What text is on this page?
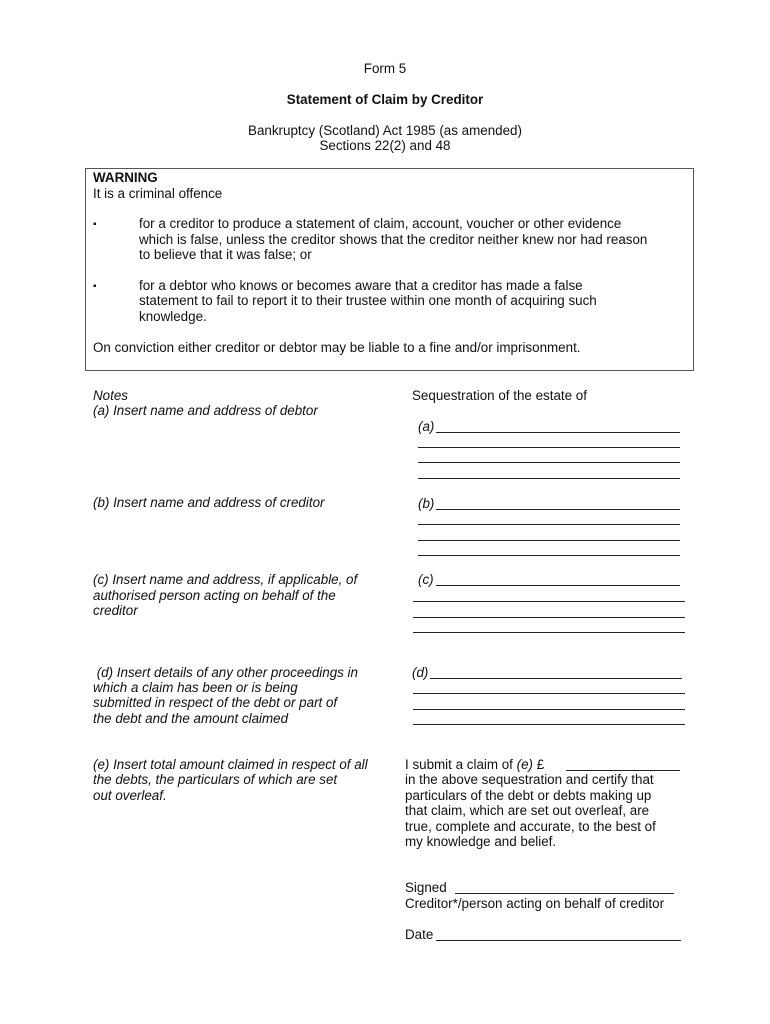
Form 5
Statement of Claim by Creditor
Bankruptcy (Scotland) Act 1985 (as amended)
Sections 22(2) and 48
WARNING
It is a criminal offence
▪	for a creditor to produce a statement of claim, account, voucher or other evidence
which is false, unless the creditor shows that the creditor neither knew nor had reason
to believe that it was false; or
▪	for a debtor who knows or becomes aware that a creditor has made a false
statement to fail to report it to their trustee within one month of acquiring such
knowledge.
On conviction either creditor or debtor may be liable to a fine and/or imprisonment.
Notes
(a) Insert name and address of debtor
(b) Insert name and address of creditor
(c) Insert name and address, if applicable, of
authorised person acting on behalf of the
creditor
(d) Insert details of any other proceedings in
which a claim has been or is being
submitted in respect of the debt or part of
the debt and the amount claimed
(e) Insert total amount claimed in respect of all
the debts, the particulars of which are set
out overleaf.
Sequestration of the estate of
(a)
(b)
(c)
(d)
I submit a claim of (e) £
in the above sequestration and certify that
particulars of the debt or debts making up
that claim, which are set out overleaf, are
true, complete and accurate, to the best of
my knowledge and belief.
Signed
Creditor*/person acting on behalf of creditor
Date
